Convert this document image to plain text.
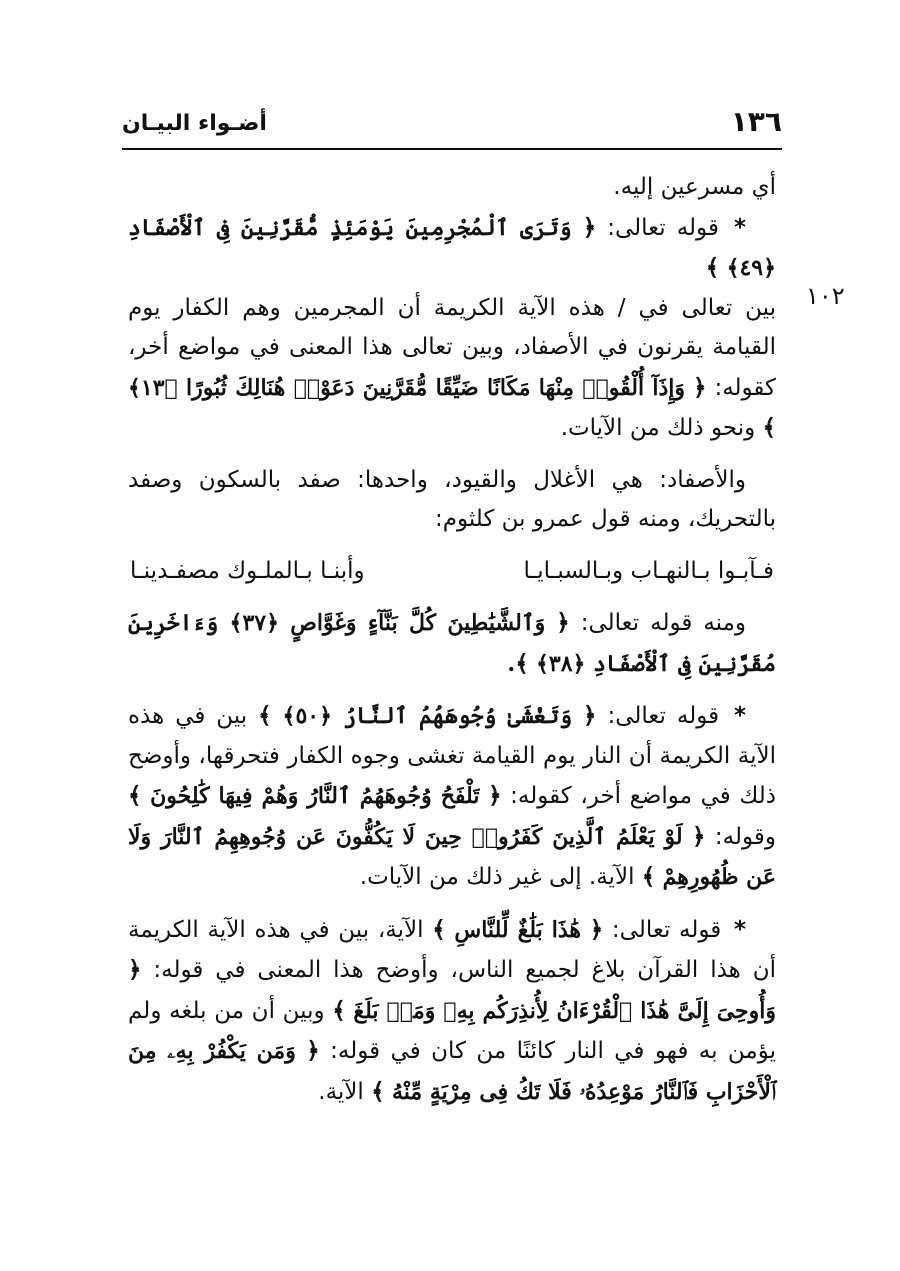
١٣٦
أضـواء البيـان
١٠٢

أي مسرعين إليه.

* قوله تعالى: ﴿ وَتَرَى ٱلْمُجْرِمِينَ يَوْمَئِذٍ مُّقَرَّنِينَ فِى ٱلْأَصْفَادِ ﴿٤٩﴾ ﴾

بين تعالى في / هذه الآية الكريمة أن المجرمين وهم الكفار يوم القيامة يقرنون في الأصفاد، وبين تعالى هذا المعنى في مواضع أخر، كقوله: ﴿ وَإِذَآ أُلْقُوا۟ مِنْهَا مَكَانًا ضَيِّقًا مُّقَرَّنِينَ دَعَوْا۟ هُنَالِكَ ثُبُورًا ﴿١٣﴾ ﴾ ونحو ذلك من الآيات.

والأصفاد: هي الأغلال والقيود، واحدها: صفد بالسكون وصفد بالتحريك، ومنه قول عمرو بن كلثوم:

فـآبـوا بـالنهـاب وبـالسبـايـا
وأبنـا بـالملـوك مصفـدينـا

ومنه قوله تعالى: ﴿ وَٱلشَّيَٰطِينَ كُلَّ بَنَّآءٍ وَغَوَّاصٍ ﴿٣٧﴾ وَءَاخَرِينَ مُقَرَّنِينَ فِى ٱلْأَصْفَادِ ﴿٣٨﴾ ﴾.

* قوله تعالى: ﴿ وَتَغْشَىٰ وُجُوهَهُمُ ٱلنَّارُ ﴿٥٠﴾ ﴾ بين في هذه الآية الكريمة أن النار يوم القيامة تغشى وجوه الكفار فتحرقها، وأوضح ذلك في مواضع أخر، كقوله: ﴿ تَلْفَحُ وُجُوهَهُمُ ٱلنَّارُ وَهُمْ فِيهَا كَٰلِحُونَ ﴾ وقوله: ﴿ لَوْ يَعْلَمُ ٱلَّذِينَ كَفَرُوا۟ حِينَ لَا يَكُفُّونَ عَن وُجُوهِهِمُ ٱلنَّارَ وَلَا عَن ظُهُورِهِمْ ﴾ الآية. إلى غير ذلك من الآيات.

* قوله تعالى: ﴿ هَٰذَا بَلَٰغٌ لِّلنَّاسِ ﴾ الآية، بين في هذه الآية الكريمة أن هذا القرآن بلاغ لجميع الناس، وأوضح هذا المعنى في قوله: ﴿ وَأُوحِىَ إِلَىَّ هَٰذَا ٱلْقُرْءَانُ لِأُنذِرَكُم بِهِۦ وَمَنۢ بَلَغَ ﴾ وبين أن من بلغه ولم يؤمن به فهو في النار كائنًا من كان في قوله: ﴿ وَمَن يَكْفُرْ بِهِۦ مِنَ ٱلْأَحْزَابِ فَٱلنَّارُ مَوْعِدُهُۥ فَلَا تَكُ فِى مِرْيَةٍ مِّنْهُ ﴾ الآية.
